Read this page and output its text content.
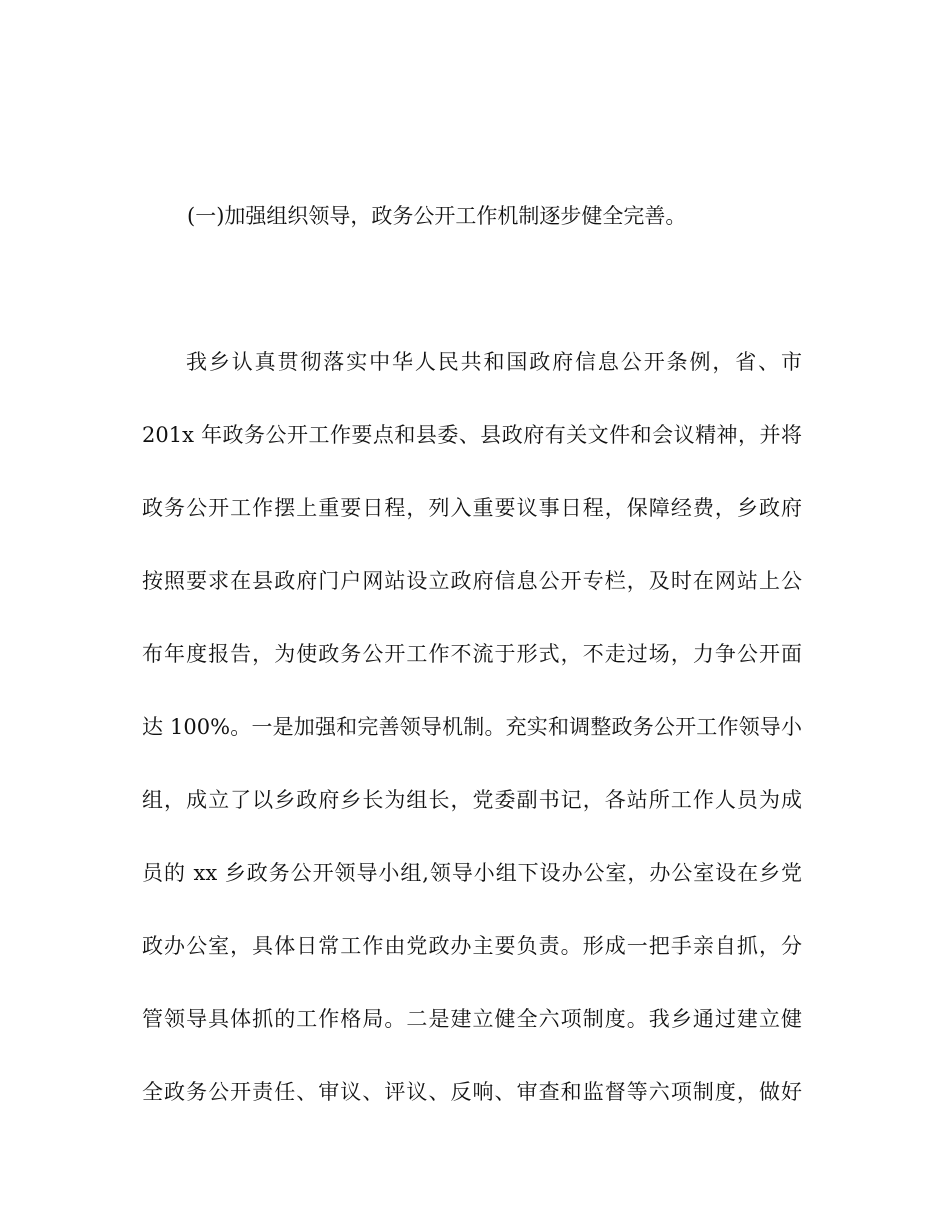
(一)加强组织领导，政务公开工作机制逐步健全完善。
我乡认真贯彻落实中华人民共和国政府信息公开条例，省、市
201x 年政务公开工作要点和县委、县政府有关文件和会议精神，并将
政务公开工作摆上重要日程，列入重要议事日程，保障经费，乡政府
按照要求在县政府门户网站设立政府信息公开专栏，及时在网站上公
布年度报告，为使政务公开工作不流于形式，不走过场，力争公开面
达 100%。一是加强和完善领导机制。充实和调整政务公开工作领导小
组，成立了以乡政府乡长为组长，党委副书记，各站所工作人员为成
员的 xx 乡政务公开领导小组,领导小组下设办公室，办公室设在乡党
政办公室，具体日常工作由党政办主要负责。形成一把手亲自抓，分
管领导具体抓的工作格局。二是建立健全六项制度。我乡通过建立健
全政务公开责任、审议、评议、反响、审查和监督等六项制度，做好
